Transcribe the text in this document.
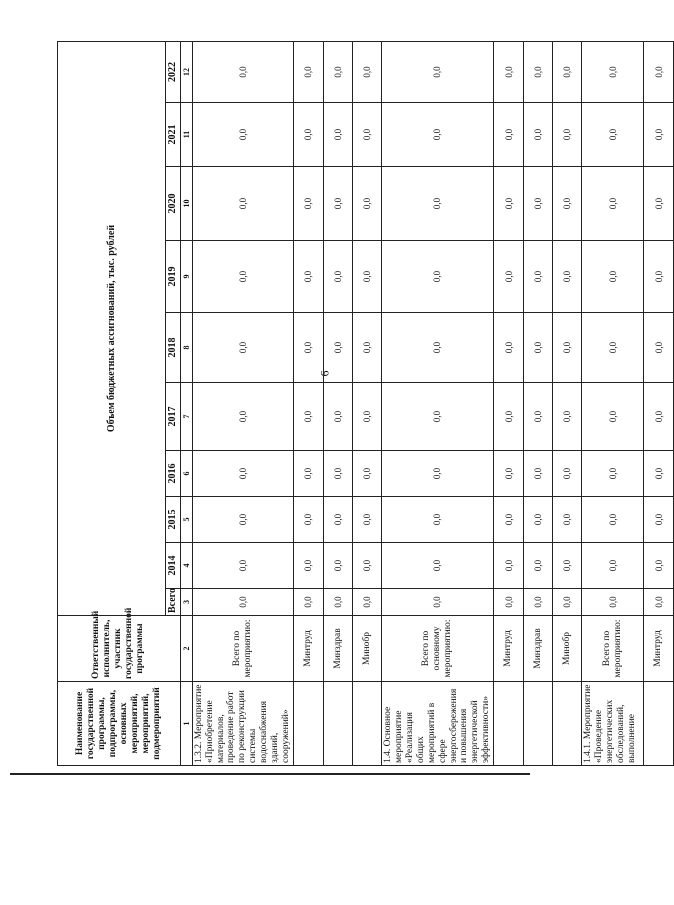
6
Наименование государственной программы, подпрограммы, основных мероприятий, мероприятий, подмероприятий	Ответственный исполнитель, участник государственной программы	Объем бюджетных ассигнований, тыс. рублей									
		Всего	2014	2015	2016	2017	2018	2019	2020	2021	2022
1	2	3	4	5	6	7	8	9	10	11	12
1.3.2. Мероприятие «Приобретение материалов, проведение работ по реконструкции системы водоснабжения зданий, сооружений»	Всего по мероприятию:	0,0	0,0	0,0	0,0	0,0	0,0	0,0	0,0	0,0	0,0
	Минтруд	0,0	0,0	0,0	0,0	0,0	0,0	0,0	0,0	0,0	0,0
	Минздрав	0,0	0,0	0,0	0,0	0,0	0,0	0,0	0,0	0,0	0,0
	Минобр	0,0	0,0	0,0	0,0	0,0	0,0	0,0	0,0	0,0	0,0
1.4. Основное мероприятие «Реализация общих мероприятий в сфере энергосбережения и повышения энергетической эффективности»	Всего по основному мероприятию:	0,0	0,0	0,0	0,0	0,0	0,0	0,0	0,0	0,0	0,0
	Минтруд	0,0	0,0	0,0	0,0	0,0	0,0	0,0	0,0	0,0	0,0
	Минздрав	0,0	0,0	0,0	0,0	0,0	0,0	0,0	0,0	0,0	0,0
	Минобр	0,0	0,0	0,0	0,0	0,0	0,0	0,0	0,0	0,0	0,0
1.4.1. Мероприятие «Проведение энергетических обследований, выполнение	Всего по мероприятию:	0,0	0,0	0,0	0,0	0,0	0,0	0,0	0,0	0,0	0,0
	Минтруд	0,0	0,0	0,0	0,0	0,0	0,0	0,0	0,0	0,0	0,0
